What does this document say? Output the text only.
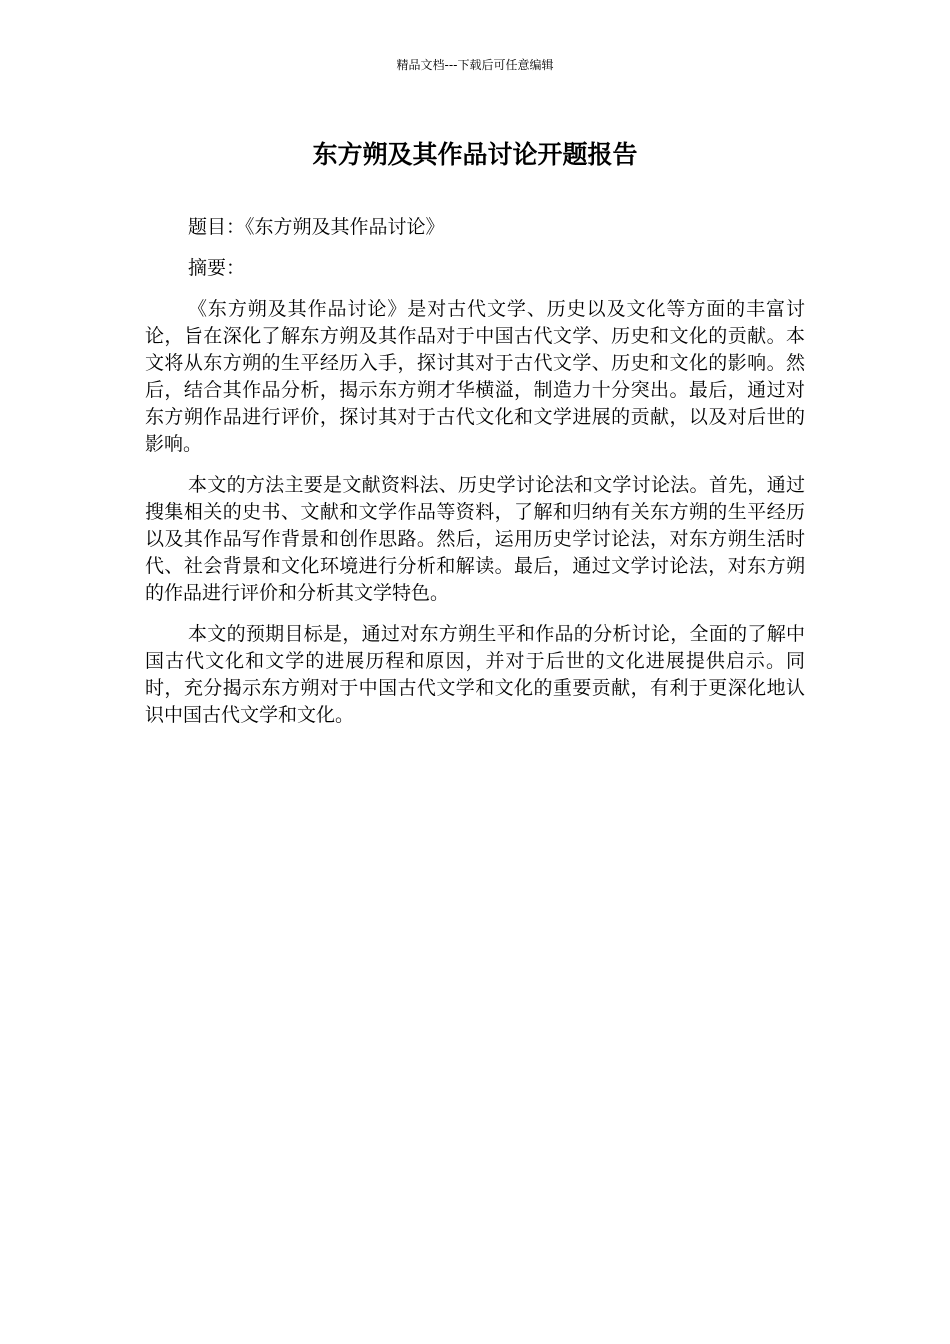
精品文档---下载后可任意编辑
东方朔及其作品讨论开题报告

题目：《东方朔及其作品讨论》

摘要：

《东方朔及其作品讨论》是对古代文学、历史以及文化等方面的丰富讨论，旨在深化了解东方朔及其作品对于中国古代文学、历史和文化的贡献。本文将从东方朔的生平经历入手，探讨其对于古代文学、历史和文化的影响。然后，结合其作品分析，揭示东方朔才华横溢，制造力十分突出。最后，通过对东方朔作品进行评价，探讨其对于古代文化和文学进展的贡献，以及对后世的影响。

本文的方法主要是文献资料法、历史学讨论法和文学讨论法。首先，通过搜集相关的史书、文献和文学作品等资料，了解和归纳有关东方朔的生平经历以及其作品写作背景和创作思路。然后，运用历史学讨论法，对东方朔生活时代、社会背景和文化环境进行分析和解读。最后，通过文学讨论法，对东方朔的作品进行评价和分析其文学特色。

本文的预期目标是，通过对东方朔生平和作品的分析讨论，全面的了解中国古代文化和文学的进展历程和原因，并对于后世的文化进展提供启示。同时，充分揭示东方朔对于中国古代文学和文化的重要贡献，有利于更深化地认识中国古代文学和文化。
